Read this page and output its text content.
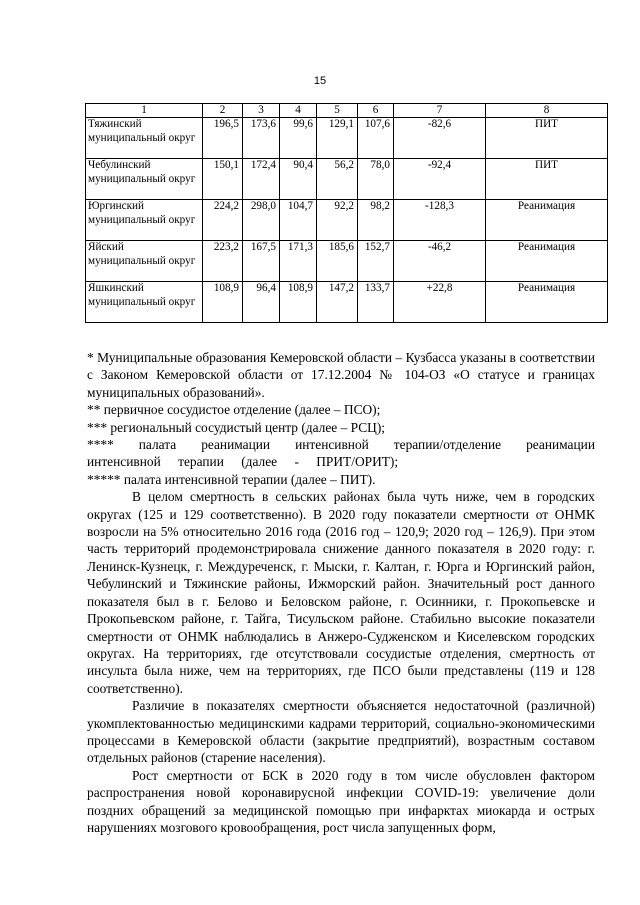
15
1	2	3	4	5	6	7	8
Тяжинский муниципальный округ	196,5	173,6	99,6	129,1	107,6	-82,6	ПИТ
Чебулинский муниципальный округ	150,1	172,4	90,4	56,2	78,0	-92,4	ПИТ
Юргинский муниципальный округ	224,2	298,0	104,7	92,2	98,2	-128,3	Реанимация
Яйский муниципальный округ	223,2	167,5	171,3	185,6	152,7	-46,2	Реанимация
Яшкинский муниципальный округ	108,9	96,4	108,9	147,2	133,7	+22,8	Реанимация

* Муниципальные образования Кемеровской области – Кузбасса указаны в соответствии с Законом Кемеровской области от 17.12.2004 № 104-ОЗ «О статусе и границах муниципальных образований».

** первичное сосудистое отделение (далее – ПСО);

*** региональный сосудистый центр (далее – РСЦ);

**** палата реанимации интенсивной терапии/отделение реанимации интенсивной терапии (далее - ПРИТ/ОРИТ);

***** палата интенсивной терапии (далее – ПИТ).

В целом смертность в сельских районах была чуть ниже, чем в городских округах (125 и 129 соответственно). В 2020 году показатели смертности от ОНМК возросли на 5% относительно 2016 года (2016 год – 120,9; 2020 год – 126,9). При этом часть территорий продемонстрировала снижение данного показателя в 2020 году: г. Ленинск-Кузнецк, г. Междуреченск, г. Мыски, г. Калтан, г. Юрга и Юргинский район, Чебулинский и Тяжинские районы, Ижморский район. Значительный рост данного показателя был в г. Белово и Беловском районе, г. Осинники, г. Прокопьевске и Прокопьевском районе, г. Тайга, Тисульском районе. Стабильно высокие показатели смертности от ОНМК наблюдались в Анжеро-Судженском и Киселевском городских округах. На территориях, где отсутствовали сосудистые отделения, смертность от инсульта была ниже, чем на территориях, где ПСО были представлены (119 и 128 соответственно).

Различие в показателях смертности объясняется недостаточной (различной) укомплектованностью медицинскими кадрами территорий, социально-экономическими процессами в Кемеровской области (закрытие предприятий), возрастным составом отдельных районов (старение населения).

Рост смертности от БСК в 2020 году в том числе обусловлен фактором распространения новой коронавирусной инфекции COVID-19: увеличение доли поздних обращений за медицинской помощью при инфарктах миокарда и острых нарушениях мозгового кровообращения, рост числа запущенных форм,
